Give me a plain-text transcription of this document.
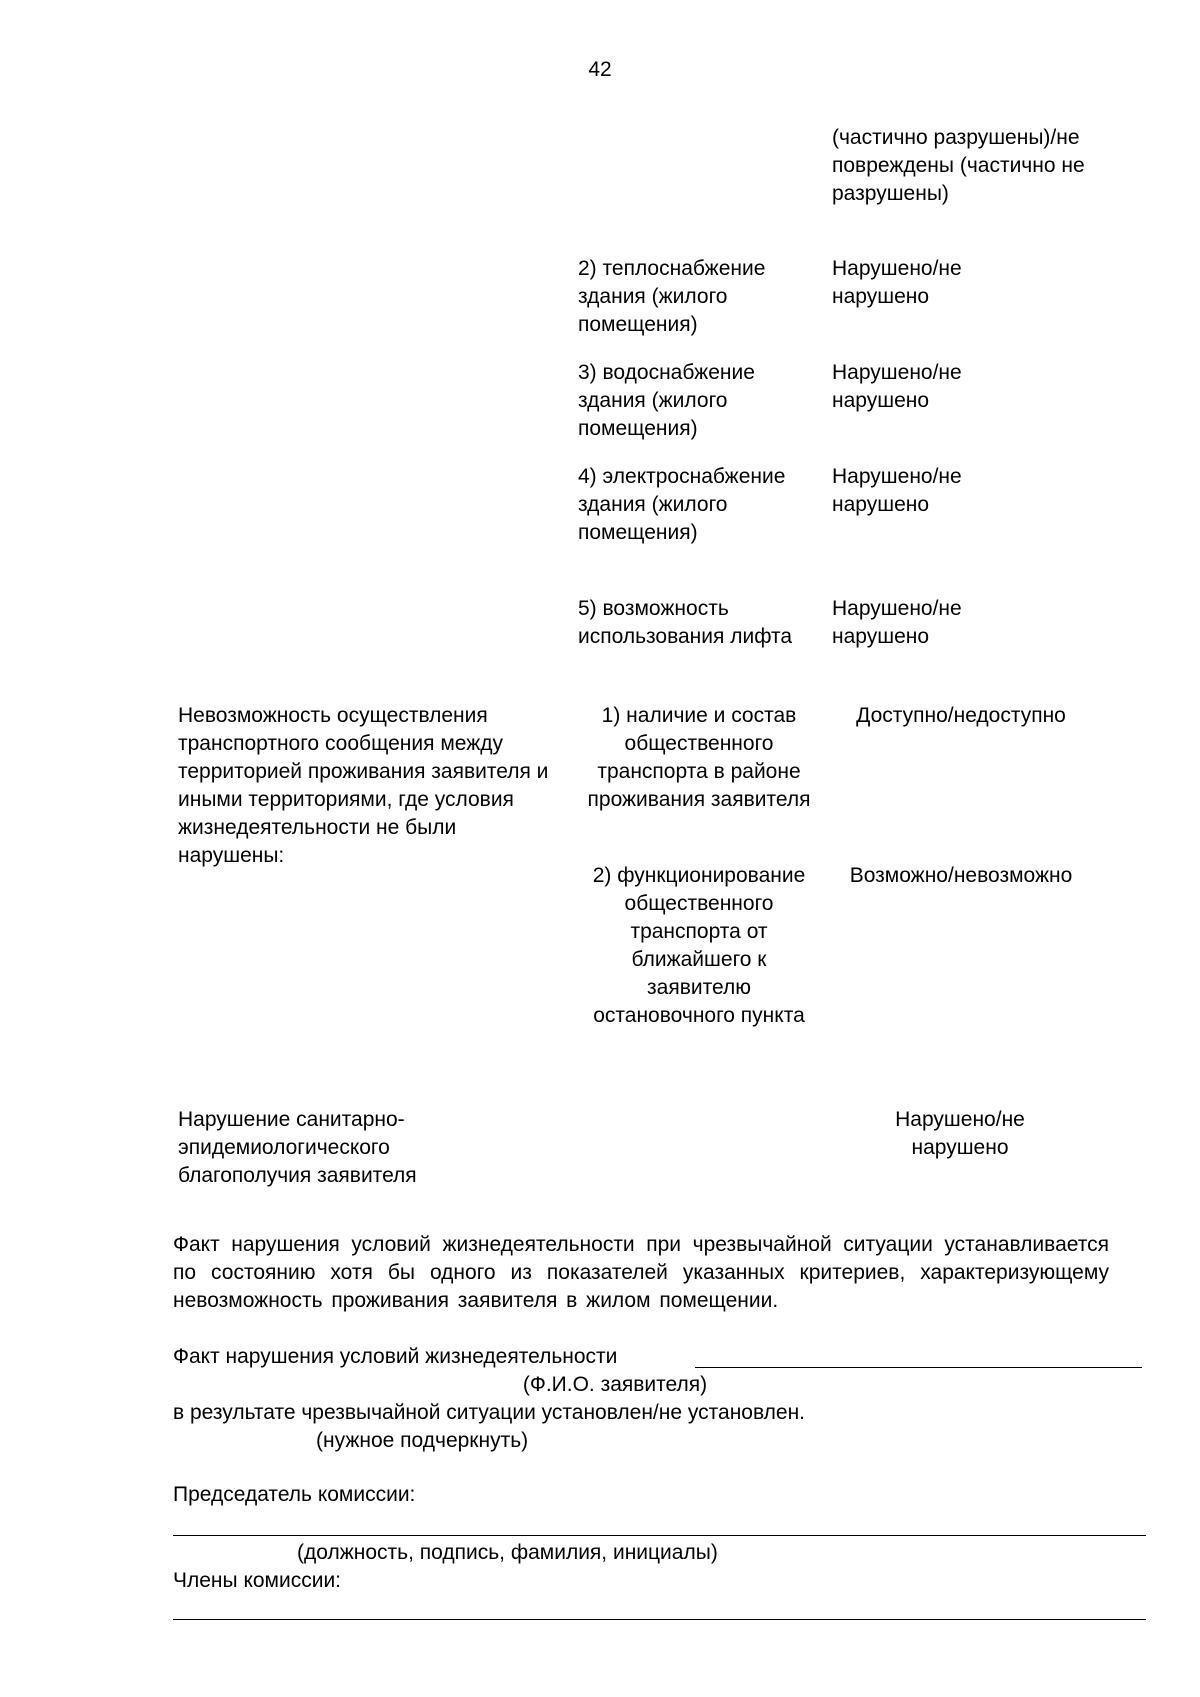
42

(частично разрушены)/не повреждены (частично не разрушены)

2) теплоснабжение здания (жилого помещения)

Нарушено/не нарушено

3) водоснабжение здания (жилого помещения)

Нарушено/не нарушено

4) электроснабжение здания (жилого помещения)

Нарушено/не нарушено

5) возможность использования лифта

Нарушено/не нарушено

Невозможность осуществления транспортного сообщения между территорией проживания заявителя и иными территориями, где условия жизнедеятельности не были нарушены:

1) наличие и состав общественного транспорта в районе проживания заявителя

Доступно/недоступно

2) функционирование общественного транспорта от ближайшего к заявителю остановочного пункта

Возможно/невозможно

Нарушение санитарно-эпидемиологического благополучия заявителя

Нарушено/не нарушено

Факт нарушения условий жизнедеятельности при чрезвычайной ситуации устанавливается по состоянию хотя бы одного из показателей указанных критериев, характеризующему невозможность проживания заявителя в жилом помещении.

Факт нарушения условий жизнедеятельности

(Ф.И.О. заявителя)

в результате чрезвычайной ситуации установлен/не установлен.

(нужное подчеркнуть)

Председатель комиссии:

(должность, подпись, фамилия, инициалы)

Члены комиссии:
